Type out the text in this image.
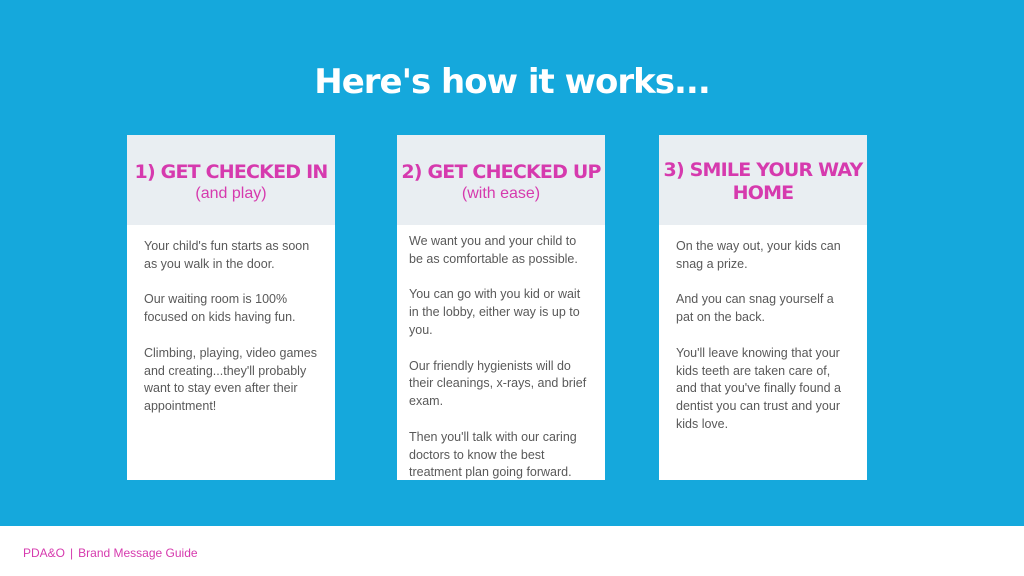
Here's how it works...

1) GET CHECKED IN

(and play)

Your child's fun starts as soon as you walk in the door.

Our waiting room is 100% focused on kids having fun.

Climbing, playing, video games and creating...they'll probably want to stay even after their appointment!

2) GET CHECKED UP

(with ease)

We want you and your child to be as comfortable as possible.

You can go with you kid or wait in the lobby, either way is up to you.

Our friendly hygienists will do their cleanings, x-rays, and brief exam.

Then you'll talk with our caring doctors to know the best treatment plan going forward.

3) SMILE YOUR WAY HOME

On the way out, your kids can snag a prize.

And you can snag yourself a pat on the back.

You'll leave knowing that your kids teeth are taken care of, and that you've finally found a dentist you can trust and your kids love.

PDA&O | Brand Message Guide
